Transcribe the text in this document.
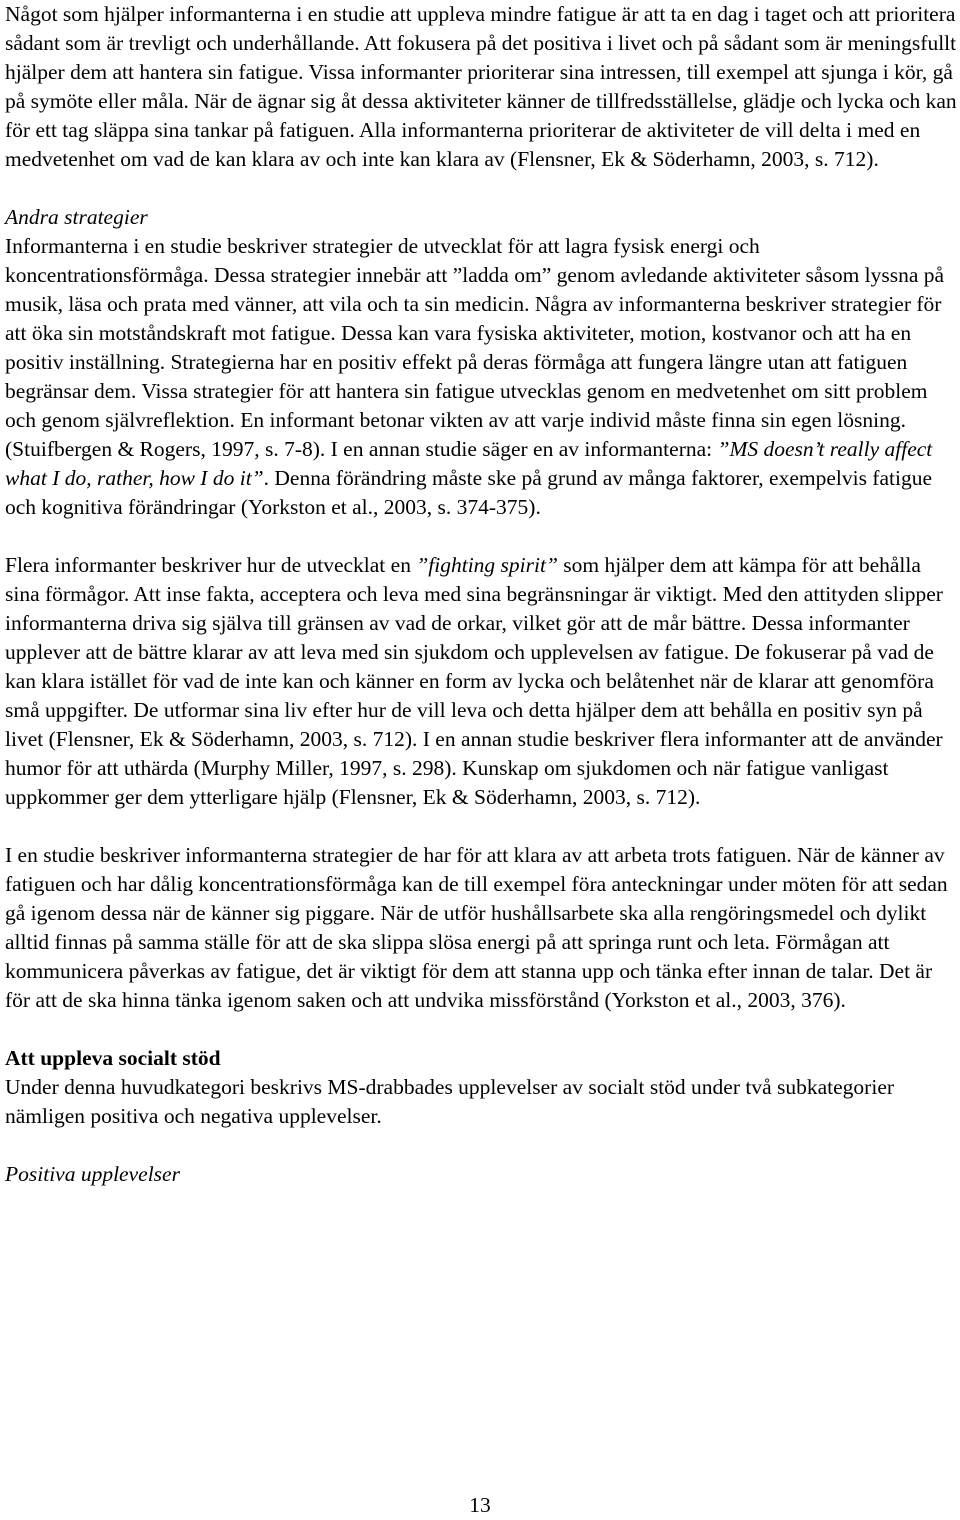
Något som hjälper informanterna i en studie att uppleva mindre fatigue är att ta en dag i taget och att prioritera sådant som är trevligt och underhållande. Att fokusera på det positiva i livet och på sådant som är meningsfullt hjälper dem att hantera sin fatigue. Vissa informanter prioriterar sina intressen, till exempel att sjunga i kör, gå på symöte eller måla. När de ägnar sig åt dessa aktiviteter känner de tillfredsställelse, glädje och lycka och kan för ett tag släppa sina tankar på fatiguen. Alla informanterna prioriterar de aktiviteter de vill delta i med en medvetenhet om vad de kan klara av och inte kan klara av (Flensner, Ek & Söderhamn, 2003, s. 712).

Andra strategier

Informanterna i en studie beskriver strategier de utvecklat för att lagra fysisk energi och koncentrationsförmåga. Dessa strategier innebär att ”ladda om” genom avledande aktiviteter såsom lyssna på musik, läsa och prata med vänner, att vila och ta sin medicin. Några av informanterna beskriver strategier för att öka sin motståndskraft mot fatigue. Dessa kan vara fysiska aktiviteter, motion, kostvanor och att ha en positiv inställning. Strategierna har en positiv effekt på deras förmåga att fungera längre utan att fatiguen begränsar dem. Vissa strategier för att hantera sin fatigue utvecklas genom en medvetenhet om sitt problem och genom självreflektion. En informant betonar vikten av att varje individ måste finna sin egen lösning. (Stuifbergen & Rogers, 1997, s. 7-8). I en annan studie säger en av informanterna: ”MS doesn’t really affect what I do, rather, how I do it”. Denna förändring måste ske på grund av många faktorer, exempelvis fatigue och kognitiva förändringar (Yorkston et al., 2003, s. 374-375).

Flera informanter beskriver hur de utvecklat en ”fighting spirit” som hjälper dem att kämpa för att behålla sina förmågor. Att inse fakta, acceptera och leva med sina begränsningar är viktigt. Med den attityden slipper informanterna driva sig själva till gränsen av vad de orkar, vilket gör att de mår bättre. Dessa informanter upplever att de bättre klarar av att leva med sin sjukdom och upplevelsen av fatigue. De fokuserar på vad de kan klara istället för vad de inte kan och känner en form av lycka och belåtenhet när de klarar att genomföra små uppgifter. De utformar sina liv efter hur de vill leva och detta hjälper dem att behålla en positiv syn på livet (Flensner, Ek & Söderhamn, 2003, s. 712). I en annan studie beskriver flera informanter att de använder humor för att uthärda (Murphy Miller, 1997, s. 298). Kunskap om sjukdomen och när fatigue vanligast uppkommer ger dem ytterligare hjälp (Flensner, Ek & Söderhamn, 2003, s. 712).

I en studie beskriver informanterna strategier de har för att klara av att arbeta trots fatiguen. När de känner av fatiguen och har dålig koncentrationsförmåga kan de till exempel föra anteckningar under möten för att sedan gå igenom dessa när de känner sig piggare. När de utför hushållsarbete ska alla rengöringsmedel och dylikt alltid finnas på samma ställe för att de ska slippa slösa energi på att springa runt och leta. Förmågan att kommunicera påverkas av fatigue, det är viktigt för dem att stanna upp och tänka efter innan de talar. Det är för att de ska hinna tänka igenom saken och att undvika missförstånd (Yorkston et al., 2003, 376).

Att uppleva socialt stöd

Under denna huvudkategori beskrivs MS-drabbades upplevelser av socialt stöd under två subkategorier nämligen positiva och negativa upplevelser.

Positiva upplevelser

13
